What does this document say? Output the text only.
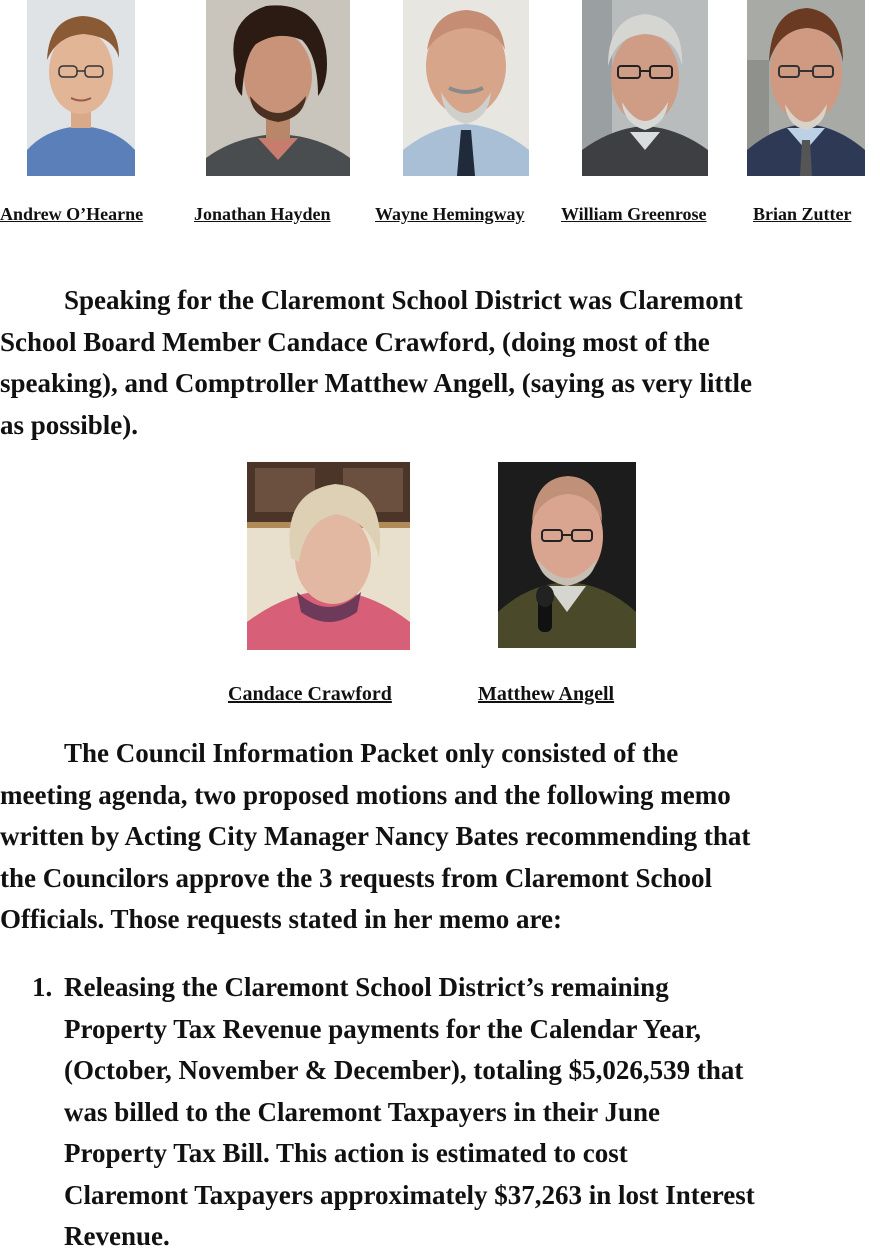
Andrew O’Hearne	Jonathan Hayden Wayne Hemingway William Greenrose	Brian Zutter
Speaking for the Claremont School District was Claremont
School Board Member Candace Crawford, (doing most of the
speaking), and Comptroller Matthew Angell, (saying as very little
as possible).
Candace Crawford	Matthew Angell
The Council Information Packet only consisted of the
meeting agenda, two proposed motions and the following memo
written by Acting City Manager Nancy Bates recommending that
the Councilors approve the 3 requests from Claremont School
Officials. Those requests stated in her memo are:
1. Releasing the Claremont School District’s remaining
Property Tax Revenue payments for the Calendar Year,
(October, November & December), totaling $5,026,539 that
was billed to the Claremont Taxpayers in their June
Property Tax Bill. This action is estimated to cost
Claremont Taxpayers approximately $37,263 in lost Interest
Revenue.
